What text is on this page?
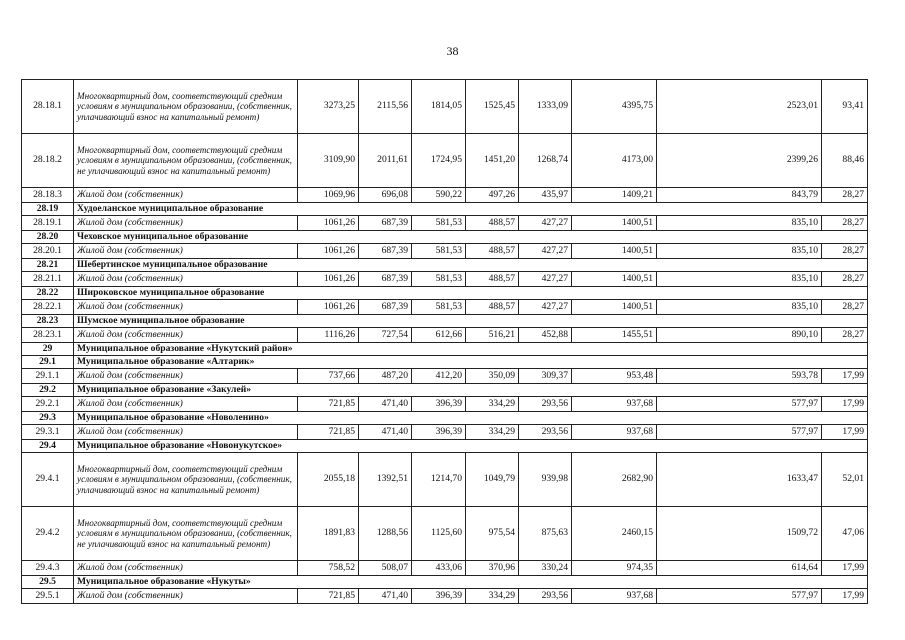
38
28.18.1	Многоквартирный дом, соответствующий средним условиям в муниципальном образовании, (собственник, уплачивающий взнос на капитальный ремонт)	3273,25	2115,56	1814,05	1525,45	1333,09	4395,75	2523,01	93,41
28.18.2	Многоквартирный дом, соответствующий средним условиям в муниципальном образовании, (собственник, не уплачивающий взнос на капитальный ремонт)	3109,90	2011,61	1724,95	1451,20	1268,74	4173,00	2399,26	88,46
28.18.3	Жилой дом (собственник)	1069,96	696,08	590,22	497,26	435,97	1409,21	843,79	28,27
28.19	Худоеланское муниципальное образование								
28.19.1	Жилой дом (собственник)	1061,26	687,39	581,53	488,57	427,27	1400,51	835,10	28,27
28.20	Чеховское муниципальное образование								
28.20.1	Жилой дом (собственник)	1061,26	687,39	581,53	488,57	427,27	1400,51	835,10	28,27
28.21	Шебертинское муниципальное образование								
28.21.1	Жилой дом (собственник)	1061,26	687,39	581,53	488,57	427,27	1400,51	835,10	28,27
28.22	Широковское муниципальное образование								
28.22.1	Жилой дом (собственник)	1061,26	687,39	581,53	488,57	427,27	1400,51	835,10	28,27
28.23	Шумское муниципальное образование								
28.23.1	Жилой дом (собственник)	1116,26	727,54	612,66	516,21	452,88	1455,51	890,10	28,27
29	Муниципальное образование «Нукутский район»								
29.1	Муниципальное образование «Алтарик»								
29.1.1	Жилой дом (собственник)	737,66	487,20	412,20	350,09	309,37	953,48	593,78	17,99
29.2	Муниципальное образование «Закулей»								
29.2.1	Жилой дом (собственник)	721,85	471,40	396,39	334,29	293,56	937,68	577,97	17,99
29.3	Муниципальное образование «Новоленино»								
29.3.1	Жилой дом (собственник)	721,85	471,40	396,39	334,29	293,56	937,68	577,97	17,99
29.4	Муниципальное образование «Новонукутское»								
29.4.1	Многоквартирный дом, соответствующий средним условиям в муниципальном образовании, (собственник, уплачивающий взнос на капитальный ремонт)	2055,18	1392,51	1214,70	1049,79	939,98	2682,90	1633,47	52,01
29.4.2	Многоквартирный дом, соответствующий средним условиям в муниципальном образовании, (собственник, не уплачивающий взнос на капитальный ремонт)	1891,83	1288,56	1125,60	975,54	875,63	2460,15	1509,72	47,06
29.4.3	Жилой дом (собственник)	758,52	508,07	433,06	370,96	330,24	974,35	614,64	17,99
29.5	Муниципальное образование «Нукуты»								
29.5.1	Жилой дом (собственник)	721,85	471,40	396,39	334,29	293,56	937,68	577,97	17,99
